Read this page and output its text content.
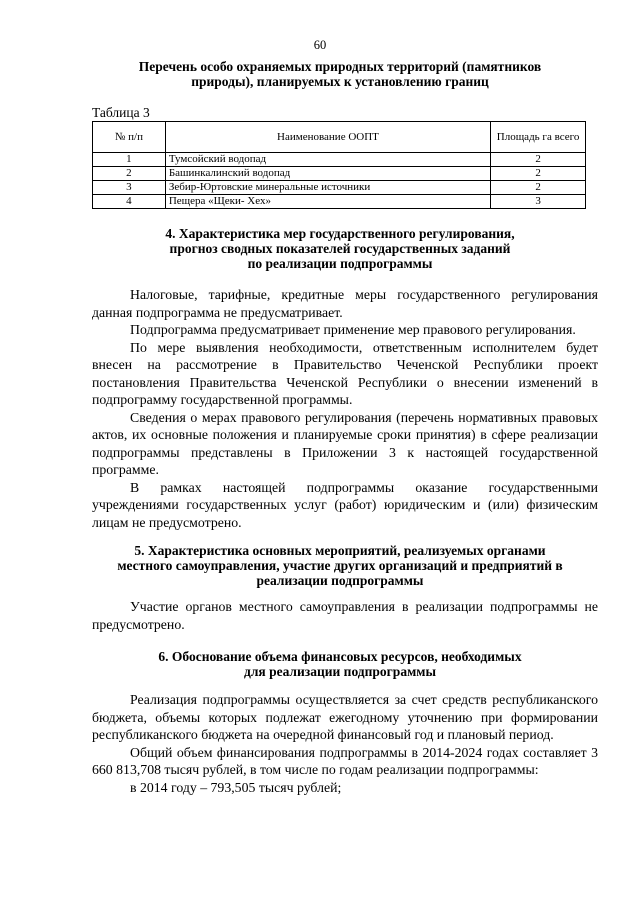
60
Перечень особо охраняемых природных территорий (памятников
природы), планируемых к установлению границ
Таблица 3
№ п/п	Наименование ООПТ	Площадь га всего
1	Тумсойский водопад	2
2	Башинкалинский водопад	2
3	Зебир-Юртовские минеральные источники	2
4	Пещера «Щеки- Хех»	3
4. Характеристика мер государственного регулирования,
прогноз сводных показателей государственных заданий
по реализации подпрограммы

Налоговые, тарифные, кредитные меры государственного регулирования данная подпрограмма не предусматривает.

Подпрограмма предусматривает применение мер правового регулирования.

По мере выявления необходимости, ответственным исполнителем будет внесен на рассмотрение в Правительство Чеченской Республики проект постановления Правительства Чеченской Республики о внесении изменений в подпрограмму государственной программы.

Сведения о мерах правового регулирования (перечень нормативных правовых актов, их основные положения и планируемые сроки принятия) в сфере реализации подпрограммы представлены в Приложении 3 к настоящей государственной программе.

В рамках настоящей подпрограммы оказание государственными учреждениями государственных услуг (работ) юридическим и (или) физическим лицам не предусмотрено.

5. Характеристика основных мероприятий, реализуемых органами
местного самоуправления, участие других организаций и предприятий в
реализации подпрограммы

Участие органов местного самоуправления в реализации подпрограммы не предусмотрено.

6. Обоснование объема финансовых ресурсов, необходимых
для реализации подпрограммы

Реализация подпрограммы осуществляется за счет средств республиканского бюджета, объемы которых подлежат ежегодному уточнению при формировании республиканского бюджета на очередной финансовый год и плановый период.

Общий объем финансирования подпрограммы в 2014-2024 годах составляет 3 660 813,708 тысяч рублей, в том числе по годам реализации подпрограммы:

в 2014 году – 793,505 тысяч рублей;
